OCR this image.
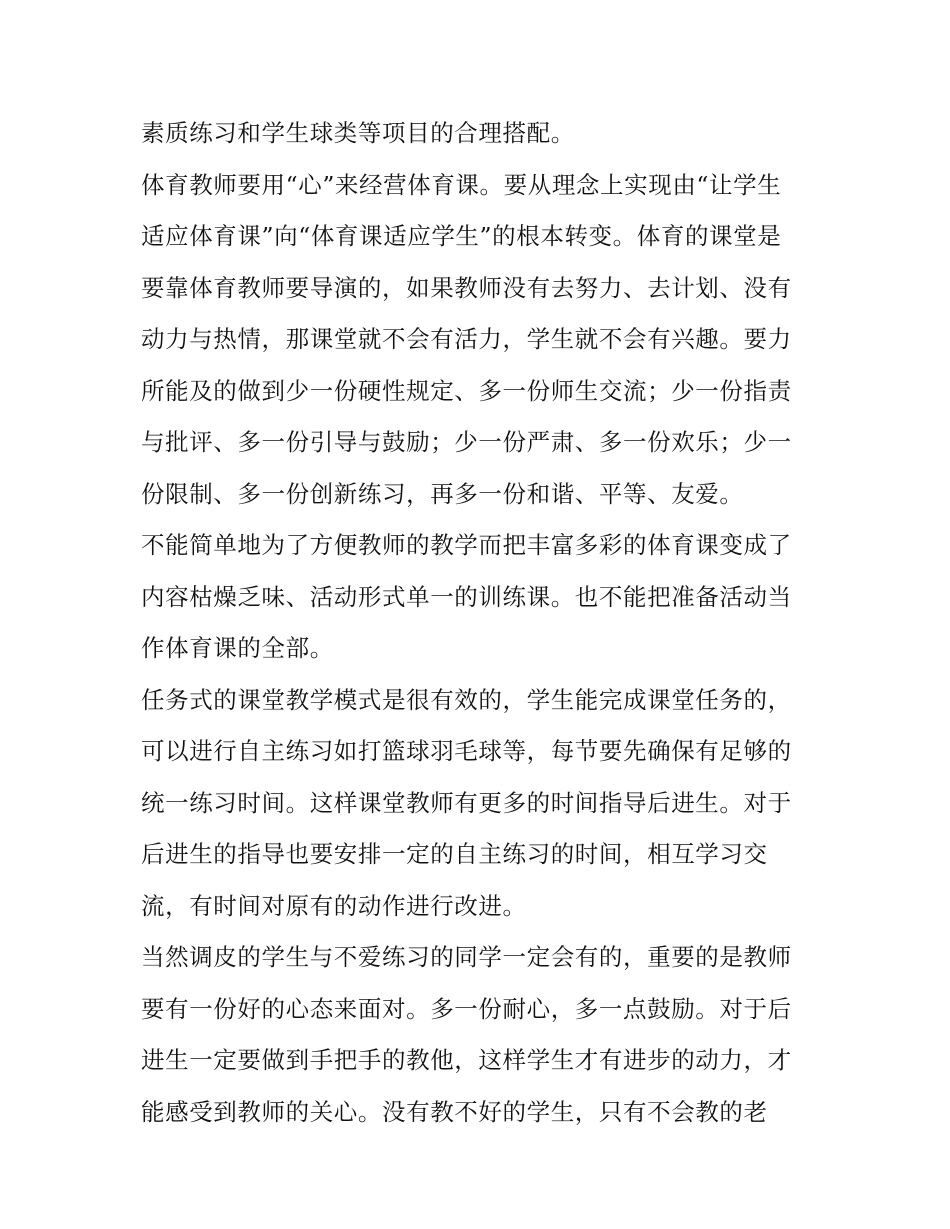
素质练习和学生球类等项目的合理搭配。
体育教师要用“心”来经营体育课。要从理念上实现由“让学生
适应体育课”向“体育课适应学生”的根本转变。体育的课堂是
要靠体育教师要导演的，如果教师没有去努力、去计划、没有
动力与热情，那课堂就不会有活力，学生就不会有兴趣。要力
所能及的做到少一份硬性规定、多一份师生交流；少一份指责
与批评、多一份引导与鼓励；少一份严肃、多一份欢乐；少一
份限制、多一份创新练习，再多一份和谐、平等、友爱。
不能简单地为了方便教师的教学而把丰富多彩的体育课变成了
内容枯燥乏味、活动形式单一的训练课。也不能把准备活动当
作体育课的全部。
任务式的课堂教学模式是很有效的，学生能完成课堂任务的，
可以进行自主练习如打篮球羽毛球等，每节要先确保有足够的
统一练习时间。这样课堂教师有更多的时间指导后进生。对于
后进生的指导也要安排一定的自主练习的时间，相互学习交
流，有时间对原有的动作进行改进。
当然调皮的学生与不爱练习的同学一定会有的，重要的是教师
要有一份好的心态来面对。多一份耐心，多一点鼓励。对于后
进生一定要做到手把手的教他，这样学生才有进步的动力，才
能感受到教师的关心。没有教不好的学生，只有不会教的老
